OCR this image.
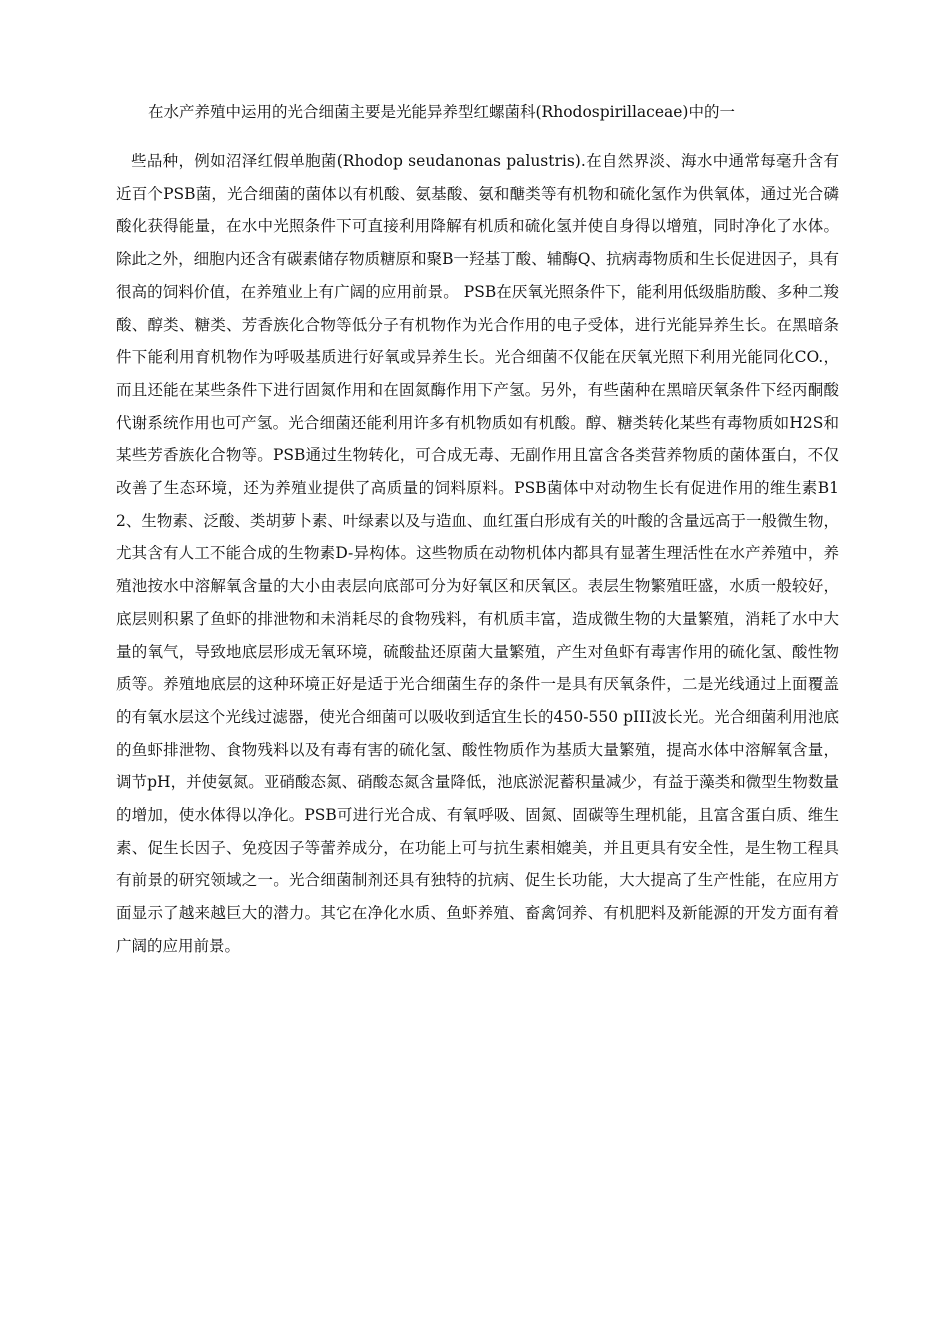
在水产养殖中运用的光合细菌主要是光能异养型红螺菌科(Rhodospirillaceae)中的一
些品种，例如沼泽红假单胞菌(Rhodop seudanonas palustris).在自然界淡、海水中通常每毫升含有近百个PSB菌，光合细菌的菌体以有机酸、氨基酸、氨和醣类等有机物和硫化氢作为供氧体，通过光合磷酸化获得能量，在水中光照条件下可直接利用降解有机质和硫化氢并使自身得以增殖，同时净化了水体。除此之外，细胞内还含有碳素储存物质糖原和聚Β一羟基丁酸、辅酶Q、抗病毒物质和生长促进因子，具有很高的饲料价值，在养殖业上有广阔的应用前景。 PSB在厌氧光照条件下，能利用低级脂肪酸、多种二羧酸、醇类、糖类、芳香族化合物等低分子有机物作为光合作用的电子受体，进行光能异养生长。在黑暗条件下能利用育机物作为呼吸基质进行好氧或异养生长。光合细菌不仅能在厌氧光照下利用光能同化CO.，而且还能在某些条件下进行固氮作用和在固氮酶作用下产氢。另外，有些菌种在黑暗厌氧条件下经丙酮酸代谢系统作用也可产氢。光合细菌还能利用许多有机物质如有机酸。醇、糖类转化某些有毒物质如H2S和某些芳香族化合物等。PSB通过生物转化，可合成无毒、无副作用且富含各类营养物质的菌体蛋白，不仅改善了生态环境，还为养殖业提供了高质量的饲料原料。PSB菌体中对动物生长有促进作用的维生素B12、生物素、泛酸、类胡萝卜素、叶绿素以及与造血、血红蛋白形成有关的叶酸的含量远高于一般微生物，尤其含有人工不能合成的生物素D-异构体。这些物质在动物机体内都具有显著生理活性在水产养殖中，养殖池按水中溶解氧含量的大小由表层向底部可分为好氧区和厌氧区。表层生物繁殖旺盛，水质一般较好，底层则积累了鱼虾的排泄物和未消耗尽的食物残料，有机质丰富，造成微生物的大量繁殖，消耗了水中大量的氧气，导致地底层形成无氧环境，硫酸盐还原菌大量繁殖，产生对鱼虾有毒害作用的硫化氢、酸性物质等。养殖地底层的这种环境正好是适于光合细菌生存的条件一是具有厌氧条件，二是光线通过上面覆盖的有氧水层这个光线过滤器，使光合细菌可以吸收到适宜生长的450-550 pIII波长光。光合细菌利用池底的鱼虾排泄物、食物残料以及有毒有害的硫化氢、酸性物质作为基质大量繁殖，提高水体中溶解氧含量，调节pH，并使氨氮。亚硝酸态氮、硝酸态氮含量降低，池底淤泥蓄积量减少，有益于藻类和微型生物数量的增加，使水体得以净化。PSB可进行光合成、有氧呼吸、固氮、固碳等生理机能，且富含蛋白质、维生素、促生长因子、免疫因子等蕾养成分，在功能上可与抗生素相媲美，并且更具有安全性，是生物工程具有前景的研究领域之一。光合细菌制剂还具有独特的抗病、促生长功能，大大提高了生产性能，在应用方面显示了越来越巨大的潜力。其它在净化水质、鱼虾养殖、畜禽饲养、有机肥料及新能源的开发方面有着广阔的应用前景。
